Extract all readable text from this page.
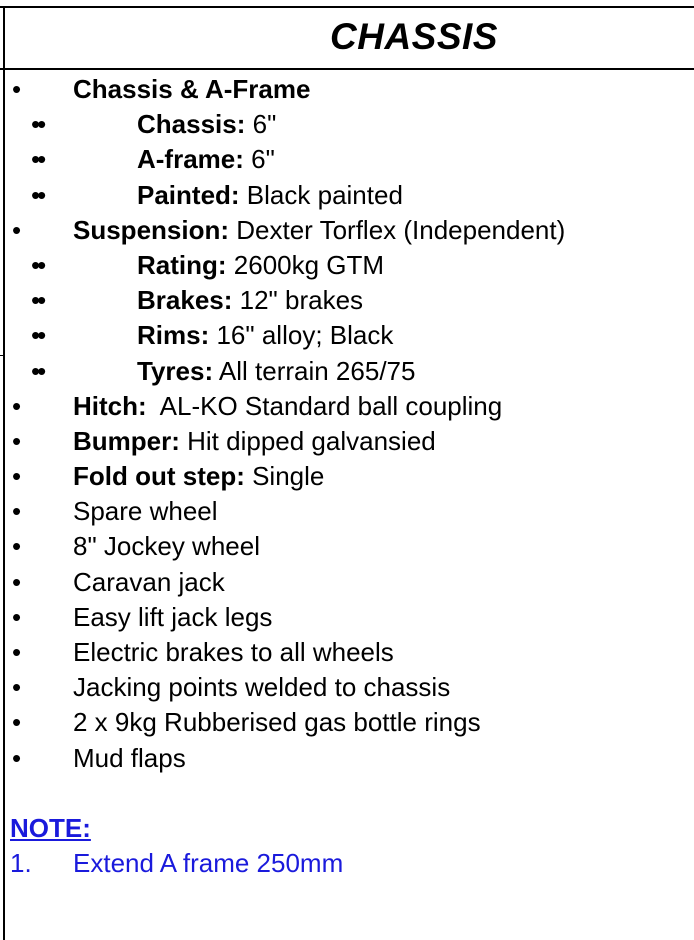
CHASSIS
• Chassis & A-Frame
••	Chassis: 6"
••	A-frame: 6"
••	Painted: Black painted
• Suspension: Dexter Torflex (Independent)
••	Rating: 2600kg GTM
••	Brakes: 12" brakes
••	Rims: 16" alloy; Black
••	Tyres: All terrain 265/75
• Hitch:  AL-KO Standard ball coupling
• Bumper: Hit dipped galvansied
• Fold out step: Single
• Spare wheel
• 8" Jockey wheel
• Caravan jack
• Easy lift jack legs
• Electric brakes to all wheels
• Jacking points welded to chassis
• 2 x 9kg Rubberised gas bottle rings
• Mud flaps
NOTE:
1. Extend A frame 250mm
